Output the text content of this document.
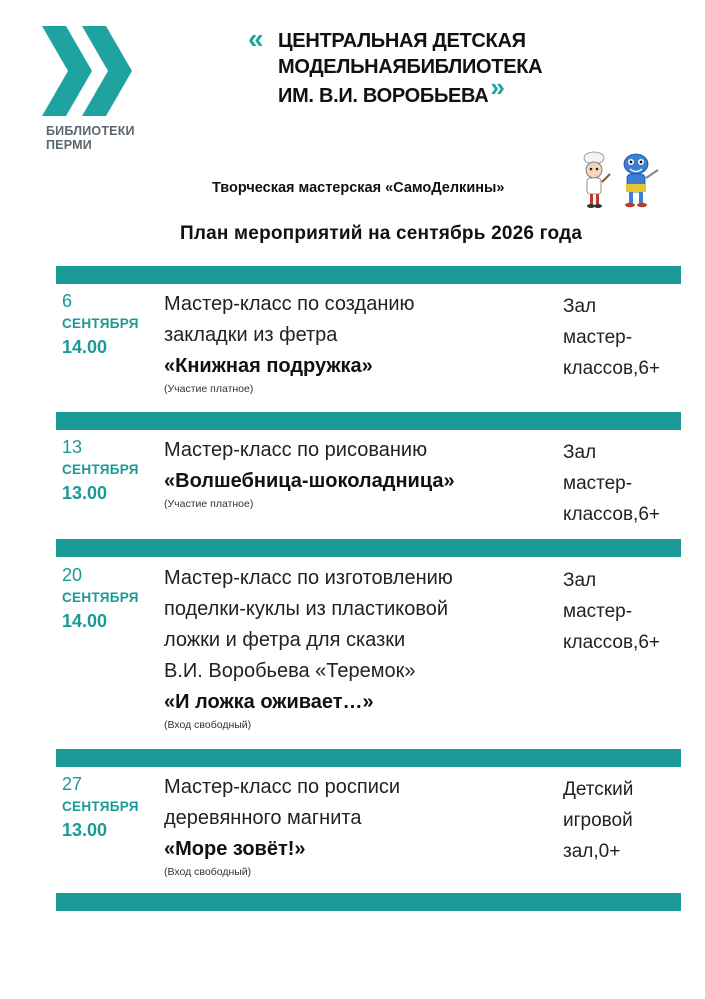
БИБЛИОТЕКИ
ПЕРМИ
« ЦЕНТРАЛЬНАЯ ДЕТСКАЯ
МОДЕЛЬНАЯБИБЛИОТЕКА
ИМ. В.И. ВОРОБЬЕВА»
Творческая мастерская «СамоДелкины»
План мероприятий на сентябрь 2026 года
6
СЕНТЯБРЯ
14.00
Мастер-класс по созданию
закладки из фетра
«Книжная подружка»
(Участие платное)
Зал
мастер-
классов,6+
13
СЕНТЯБРЯ
13.00
Мастер-класс по рисованию
«Волшебница-шоколадница»
(Участие платное)
Зал
мастер-
классов,6+
20
СЕНТЯБРЯ
14.00
Мастер-класс по изготовлению
поделки-куклы из пластиковой
ложки и фетра для сказки
В.И. Воробьева «Теремок»
«И ложка оживает…»
(Вход свободный)
Зал
мастер-
классов,6+
27
СЕНТЯБРЯ
13.00
Мастер-класс по росписи
деревянного магнита
«Море зовёт!»
(Вход свободный)
Детский
игровой
зал,0+
